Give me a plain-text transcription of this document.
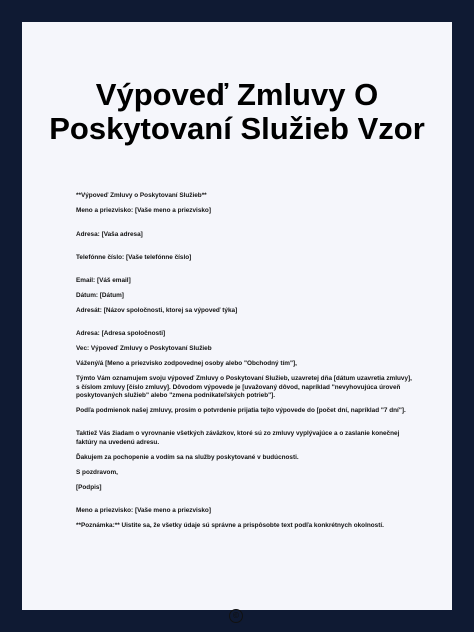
Výpoveď Zmluvy O
Poskytovaní Služieb Vzor

**Výpoveď Zmluvy o Poskytovaní Služieb**

Meno a priezvisko: [Vaše meno a priezvisko]

Adresa: [Vaša adresa]

Telefónne číslo: [Vaše telefónne číslo]

Email: [Váš email]

Dátum: [Dátum]

Adresát: [Názov spoločnosti, ktorej sa výpoveď týka]

Adresa: [Adresa spoločnosti]

Vec: Výpoveď Zmluvy o Poskytovaní Služieb

Vážený/á [Meno a priezvisko zodpovednej osoby alebo "Obchodný tím"],

Týmto Vám oznamujem svoju výpoveď Zmluvy o Poskytovaní Služieb, uzavretej dňa [dátum uzavretia zmluvy], s číslom zmluvy [číslo zmluvy]. Dôvodom výpovede je [uvažovaný dôvod, napríklad "nevyhovujúca úroveň poskytovaných služieb" alebo "zmena podnikateľských potrieb"].

Podľa podmienok našej zmluvy, prosím o potvrdenie prijatia tejto výpovede do [počet dní, napríklad "7 dní"].

Taktiež Vás žiadam o vyrovnanie všetkých záväzkov, ktoré sú zo zmluvy vyplývajúce a o zaslanie konečnej faktúry na uvedenú adresu.

Ďakujem za pochopenie a vodím sa na služby poskytované v budúcnosti.

S pozdravom,

[Podpis]

Meno a priezvisko: [Vaše meno a priezvisko]

**Poznámka:** Uistite sa, že všetky údaje sú správne a prispôsobte text podľa konkrétnych okolností.

©
